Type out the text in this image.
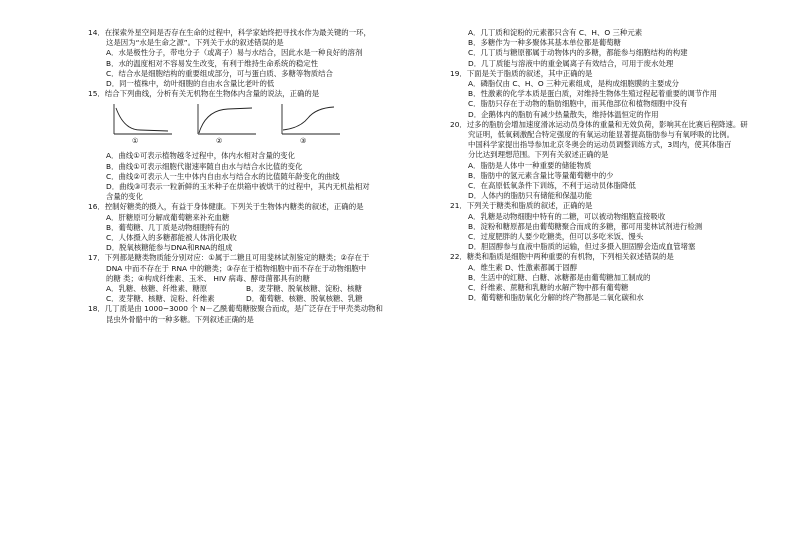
14．在探索外星空间是否存在生命的过程中，科学家始终把寻找水作为最关键的一环，
这是因为“水是生命之源”。下列关于水的叙述错误的是
A．水是极性分子，带电分子（或离子）易与水结合，因此水是一种良好的溶剂
B．水的温度相对不容易发生改变，有利于维持生命系统的稳定性
C．结合水是细胞结构的重要组成部分，可与蛋白质、多糖等物质结合
D．同一植株中，幼叶细胞的自由水含量比老叶的低
15．结合下列曲线，分析有关无机物在生物体内含量的说法，正确的是
①	②	③
A．曲线①可表示植物越冬过程中，体内水相对含量的变化
B．曲线①可表示细胞代谢速率随自由水与结合水比值的变化
C．曲线②可表示人一生中体内自由水与结合水的比值随年龄变化的曲线
D．曲线③可表示一粒新鲜的玉米种子在烘箱中被烘干的过程中，其内无机盐相对
含量的变化
16．控制好糖类的摄入，有益于身体健康。下列关于生物体内糖类的叙述，正确的是
A．肝糖原可分解成葡萄糖来补充血糖
B．葡萄糖、几丁质是动物细胞特有的
C．人体摄入的多糖都能被人体消化吸收
D．脱氧核糖能参与DNA和RNA的组成
17．下列都是糖类物质能分别对应：①属于二糖且可用斐林试剂鉴定的糖类；②存在于
DNA 中而不存在于 RNA 中的糖类；③存在于植物细胞中而不存在于动物细胞中
的糖 类；④构成纤维素、玉米、 HIV 病毒、酵母菌都具有的糖
A．乳糖、核糖、纤维素、糖原	B．麦芽糖、脱氧核糖、淀粉、核糖
C．麦芽糖、核糖、淀粉、纤维素	D．葡萄糖、核糖、脱氧核糖、乳糖
18．几丁质是由 1000~3000 个 N－乙酰葡萄糖胺聚合而成，是广泛存在于甲壳类动物和
昆虫外骨骼中的一种多糖。下列叙述正确的是
A．几丁质和淀粉的元素都只含有 C、H、O 三种元素
B．多糖作为一种多聚体其基本单位都是葡萄糖
C．几丁质与糖原都属于动物体内的多糖，都能参与细胞结构的构建
D．几丁质能与溶液中的重金属离子有效结合，可用于废水处理
19．下面是关于脂质的叙述，其中正确的是
A．磷脂仅由 C、H、O 三种元素组成，是构成细胞膜的主要成分
B．性激素的化学本质是蛋白质，对维持生物体生殖过程起着重要的调节作用
C．脂肪只存在于动物的脂肪细胞中，而其他部位和植物细胞中没有
D．企鹅体内的脂肪有减少热量散失，维持体温恒定的作用
20．过多的脂肪会增加速度滑冰运动员身体的重量和无效负荷，影响其在比赛后程降速。研
究证明，低氧刺激配合特定强度的有氧运动能显著提高脂肪参与有氧呼吸的比例。
中国科学家提出指导参加北京冬奥会的运动员调整训练方式，3周内，使其体脂百
分比达到理想范围。下列有关叙述正确的是
A．脂肪是人体中一种重要的储能物质
B．脂肪中的氢元素含量比等量葡萄糖中的少
C．在高原低氧条件下训练，不利于运动员体脂降低
D．人体内的脂肪只有储能和保温功能
21．下列关于糖类和脂质的叙述，正确的是
A．乳糖是动物细胞中特有的二糖，可以被动物细胞直接吸收
B．淀粉和糖原都是由葡萄糖聚合而成的多糖，都可用斐林试剂进行检测
C．过度肥胖的人要少吃糖类，但可以多吃米饭、馒头
D．胆固醇参与血液中脂质的运输，但过多摄入胆固醇会造成血管堵塞
22．糖类和脂质是细胞中两种重要的有机物，下列相关叙述错误的是
A．维生素 D、性激素都属于固醇
B．生活中的红糖、白糖、冰糖都是由葡萄糖加工制成的
C．纤维素、蔗糖和乳糖的水解产物中都有葡萄糖
D．葡萄糖和脂肪氧化分解的终产物都是二氧化碳和水
